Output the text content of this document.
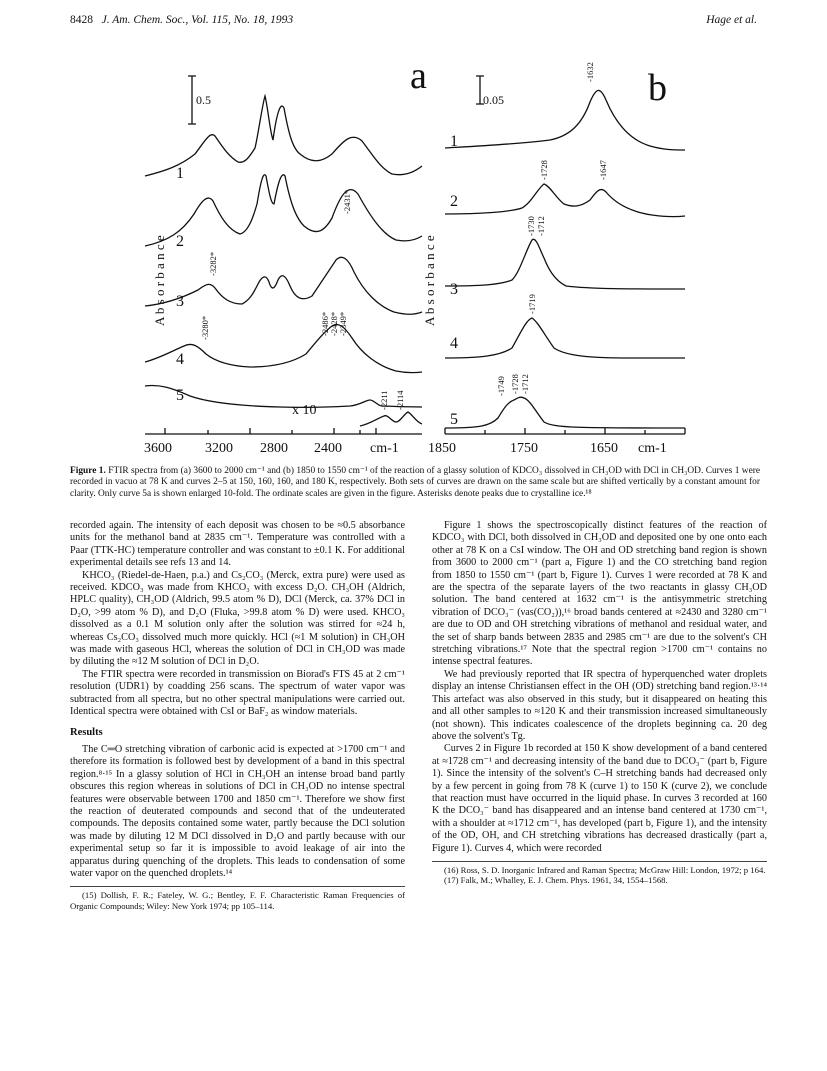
8428 J. Am. Chem. Soc., Vol. 115, No. 18, 1993	Hage et al.
a
0.5
A b s o r b a n c e
1
2
3
4
5
-2431*
-3282*
-3280*	-2486* -2428* -2349*
-2211 -2114
x 10
3600 3200 2800 2400 cm-1
b
0.05
A b s o r b a n c e
1
2
3
4
5
-1632
-1728	-1647
-1730 -1712
-1719
-1749 -1728 -1712
1850	1750	1650 cm-1
Figure 1. FTIR spectra from (a) 3600 to 2000 cm⁻¹ and (b) 1850 to 1550 cm⁻¹ of the reaction of a glassy solution of KDCO₃ dissolved in CH₃OD with DCl in CH₃OD. Curves 1 were recorded in vacuo at 78 K and curves 2–5 at 150, 160, 160, and 180 K, respectively. Both sets of curves are drawn on the same scale but are shifted vertically by a constant amount for clarity. Only curve 5a is shown enlarged 10-fold. The ordinate scales are given in the figure. Asterisks denote peaks due to crystalline ice.¹⁸

recorded again. The intensity of each deposit was chosen to be ≈0.5 absorbance units for the methanol band at 2835 cm⁻¹. Temperature was controlled with a Paar (TTK-HC) temperature controller and was constant to ±0.1 K. For additional experimental details see refs 13 and 14.

KHCO₃ (Riedel-de-Haen, p.a.) and Cs₂CO₃ (Merck, extra pure) were used as received. KDCO₃ was made from KHCO₃ with excess D₂O. CH₃OH (Aldrich, HPLC quality), CH₃OD (Aldrich, 99.5 atom % D), DCl (Merck, ca. 37% DCl in D₂O, >99 atom % D), and D₂O (Fluka, >99.8 atom % D) were used. KHCO₃ dissolved as a 0.1 M solution only after the solution was stirred for ≈24 h, whereas Cs₂CO₃ dissolved much more quickly. HCl (≈1 M solution) in CH₃OH was made with gaseous HCl, whereas the solution of DCl in CH₃OD was made by diluting the ≈12 M solution of DCl in D₂O.

The FTIR spectra were recorded in transmission on Biorad's FTS 45 at 2 cm⁻¹ resolution (UDR1) by coadding 256 scans. The spectrum of water vapor was subtracted from all spectra, but no other spectral manipulations were carried out. Identical spectra were obtained with CsI or BaF₂ as window materials.

Results

The C═O stretching vibration of carbonic acid is expected at >1700 cm⁻¹ and therefore its formation is followed best by development of a band in this spectral region.⁸·¹⁵ In a glassy solution of HCl in CH₃OH an intense broad band partly obscures this region whereas in solutions of DCl in CH₃OD no intense spectral features were observable between 1700 and 1850 cm⁻¹. Therefore we show first the reaction of deuterated compounds and second that of the undeuterated compounds. The deposits contained some water, partly because the DCl solution was made by diluting 12 M DCl dissolved in D₂O and partly because with our experimental setup so far it is impossible to avoid leakage of air into the apparatus during quenching of the droplets. This leads to condensation of some water vapor on the quenched droplets.¹⁴

(15) Dollish, F. R.; Fateley, W. G.; Bentley, F. F. Characteristic Raman Frequencies of Organic Compounds; Wiley: New York 1974; pp 105–114.

Figure 1 shows the spectroscopically distinct features of the reaction of KDCO₃ with DCl, both dissolved in CH₃OD and deposited one by one onto each other at 78 K on a CsI window. The OH and OD stretching band region is shown from 3600 to 2000 cm⁻¹ (part a, Figure 1) and the CO stretching band region from 1850 to 1550 cm⁻¹ (part b, Figure 1). Curves 1 were recorded at 78 K and are the spectra of the separate layers of the two reactants in glassy CH₃OD solution. The band centered at 1632 cm⁻¹ is the antisymmetric stretching vibration of DCO₃⁻ (νas(CO₂)),¹⁶ broad bands centered at ≈2430 and 3280 cm⁻¹ are due to OD and OH stretching vibrations of methanol and residual water, and the set of sharp bands between 2835 and 2985 cm⁻¹ are due to the solvent's CH stretching vibrations.¹⁷ Note that the spectral region >1700 cm⁻¹ contains no intense spectral features.

We had previously reported that IR spectra of hyperquenched water droplets display an intense Christiansen effect in the OH (OD) stretching band region.¹³·¹⁴ This artefact was also observed in this study, but it disappeared on heating this and all other samples to ≈120 K and their transmission increased simultaneously (not shown). This indicates coalescence of the droplets beginning ca. 20 deg above the solvent's Tg.

Curves 2 in Figure 1b recorded at 150 K show development of a band centered at ≈1728 cm⁻¹ and decreasing intensity of the band due to DCO₃⁻ (part b, Figure 1). Since the intensity of the solvent's C–H stretching bands had decreased only by a few percent in going from 78 K (curve 1) to 150 K (curve 2), we conclude that reaction must have occurred in the liquid phase. In curves 3 recorded at 160 K the DCO₃⁻ band has disappeared and an intense band centered at 1730 cm⁻¹, with a shoulder at ≈1712 cm⁻¹, has developed (part b, Figure 1), and the intensity of the OD, OH, and CH stretching vibrations has decreased drastically (part a, Figure 1). Curves 4, which were recorded

(16) Ross, S. D. Inorganic Infrared and Raman Spectra; McGraw Hill: London, 1972; p 164.
(17) Falk, M.; Whalley, E. J. Chem. Phys. 1961, 34, 1554–1568.
